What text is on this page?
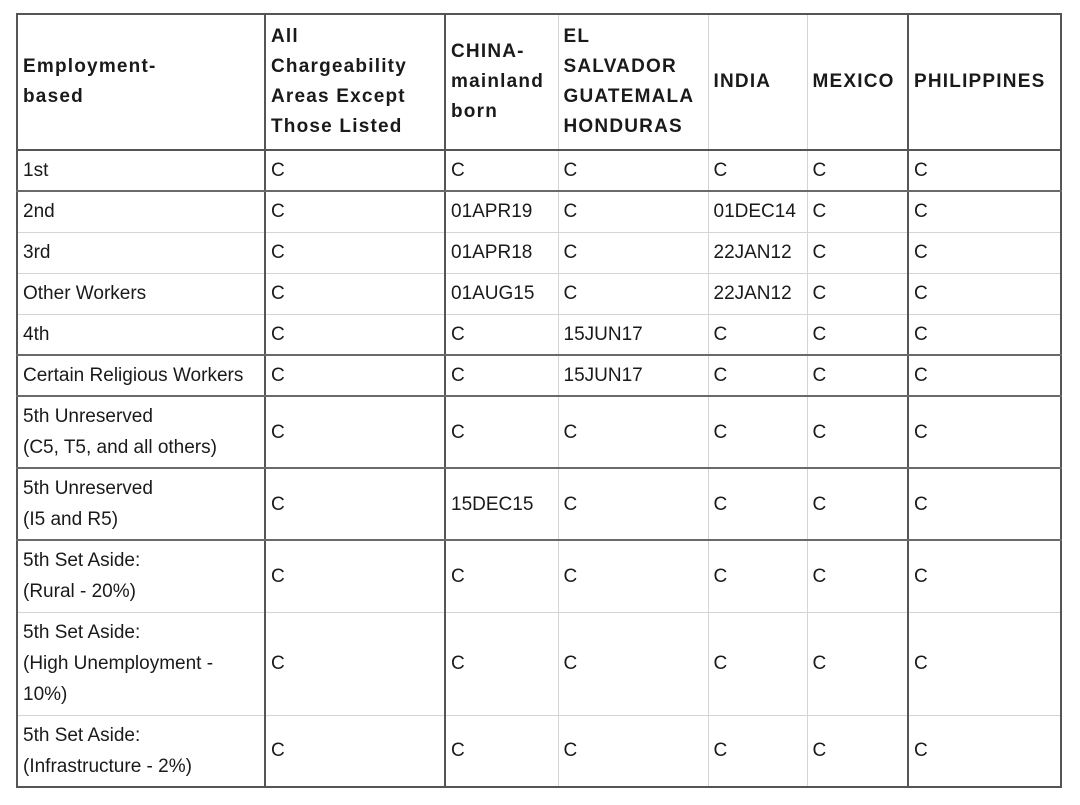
Employment-
based	All
Chargeability
Areas Except
Those Listed	CHINA-
mainland
born	EL
SALVADOR
GUATEMALA
HONDURAS	INDIA	MEXICO	PHILIPPINES
1st	C	C	C	C	C	C
2nd	C	01APR19	C	01DEC14	C	C
3rd	C	01APR18	C	22JAN12	C	C
Other Workers	C	01AUG15	C	22JAN12	C	C
4th	C	C	15JUN17	C	C	C
Certain Religious Workers	C	C	15JUN17	C	C	C
5th Unreserved
(C5, T5, and all others)	C	C	C	C	C	C
5th Unreserved
(I5 and R5)	C	15DEC15	C	C	C	C
5th Set Aside:
(Rural - 20%)	C	C	C	C	C	C
5th Set Aside:
(High Unemployment -
10%)	C	C	C	C	C	C
5th Set Aside:
(Infrastructure - 2%)	C	C	C	C	C	C
